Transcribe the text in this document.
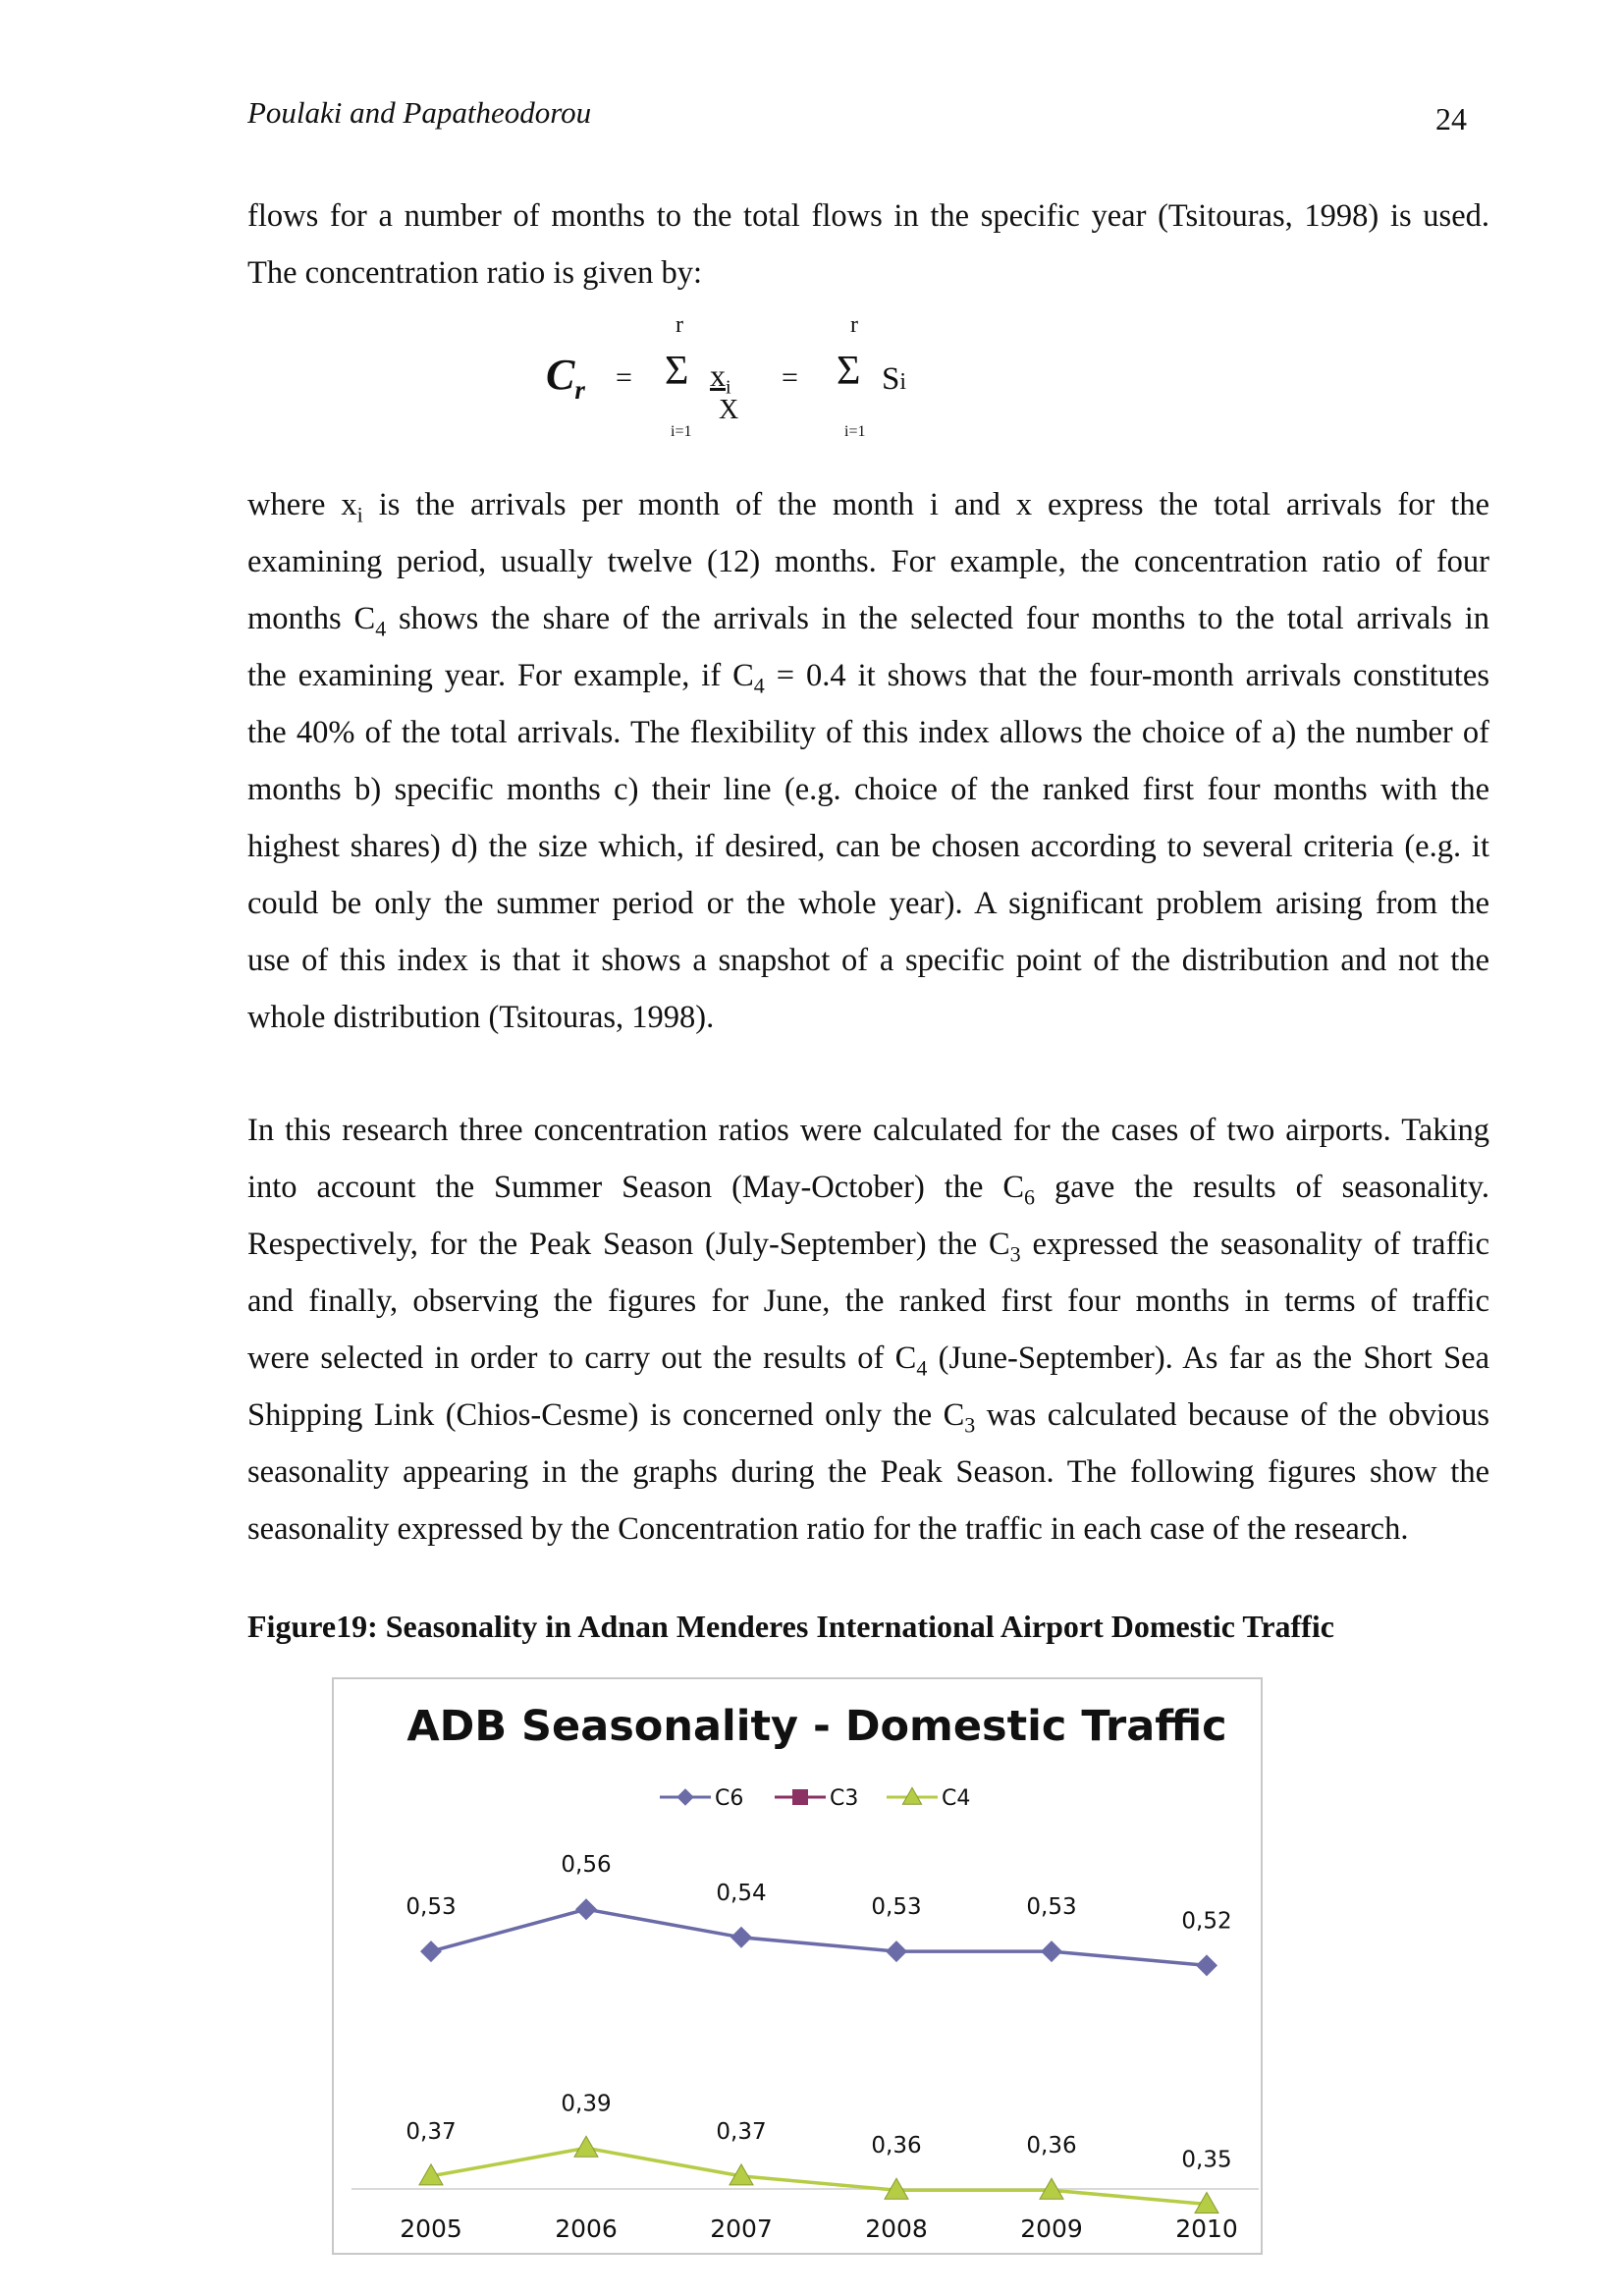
Poulaki and Papatheodorou	24
flows for a number of months to the total flows in the specific year (Tsitouras, 1998) is used.
The concentration ratio is given by:
$C_r$ =
r
Σ
i=1
$x_i$
X
=
r
Σ
i=1
Si
where $x_i$ is the arrivals per month of the month i and x express the total arrivals for the
examining period, usually twelve (12) months. For example, the concentration ratio of four
months $C_4$ shows the share of the arrivals in the selected four months to the total arrivals in
the examining year. For example, if $C_4 = 0.4$ it shows that the four-month arrivals constitutes
the 40% of the total arrivals. The flexibility of this index allows the choice of a) the number of
months b) specific months c) their line (e.g. choice of the ranked first four months with the
highest shares) d) the size which, if desired, can be chosen according to several criteria (e.g. it
could be only the summer period or the whole year). A significant problem arising from the
use of this index is that it shows a snapshot of a specific point of the distribution and not the
whole distribution (Tsitouras, 1998).
In this research three concentration ratios were calculated for the cases of two airports. Taking
into account the Summer Season (May-October) the $C_6$ gave the results of seasonality.
Respectively, for the Peak Season (July-September) the $C_3$ expressed the seasonality of traffic
and finally, observing the figures for June, the ranked first four months in terms of traffic
were selected in order to carry out the results of $C_4$ (June-September). As far as the Short Sea
Shipping Link (Chios-Cesme) is concerned only the $C_3$ was calculated because of the obvious
seasonality appearing in the graphs during the Peak Season. The following figures show the
seasonality expressed by the Concentration ratio for the traffic in each case of the research.
Figure19: Seasonality in Adnan Menderes International Airport Domestic Traffic
ADB Seasonality - Domestic Traffic
2005	2006	2007	2008	2009	2010
C6	C3	C4
0,53
0,56
0,54
0,53	0,53
0,52
0,37
0,39
0,37
0,36	0,36
0,35
